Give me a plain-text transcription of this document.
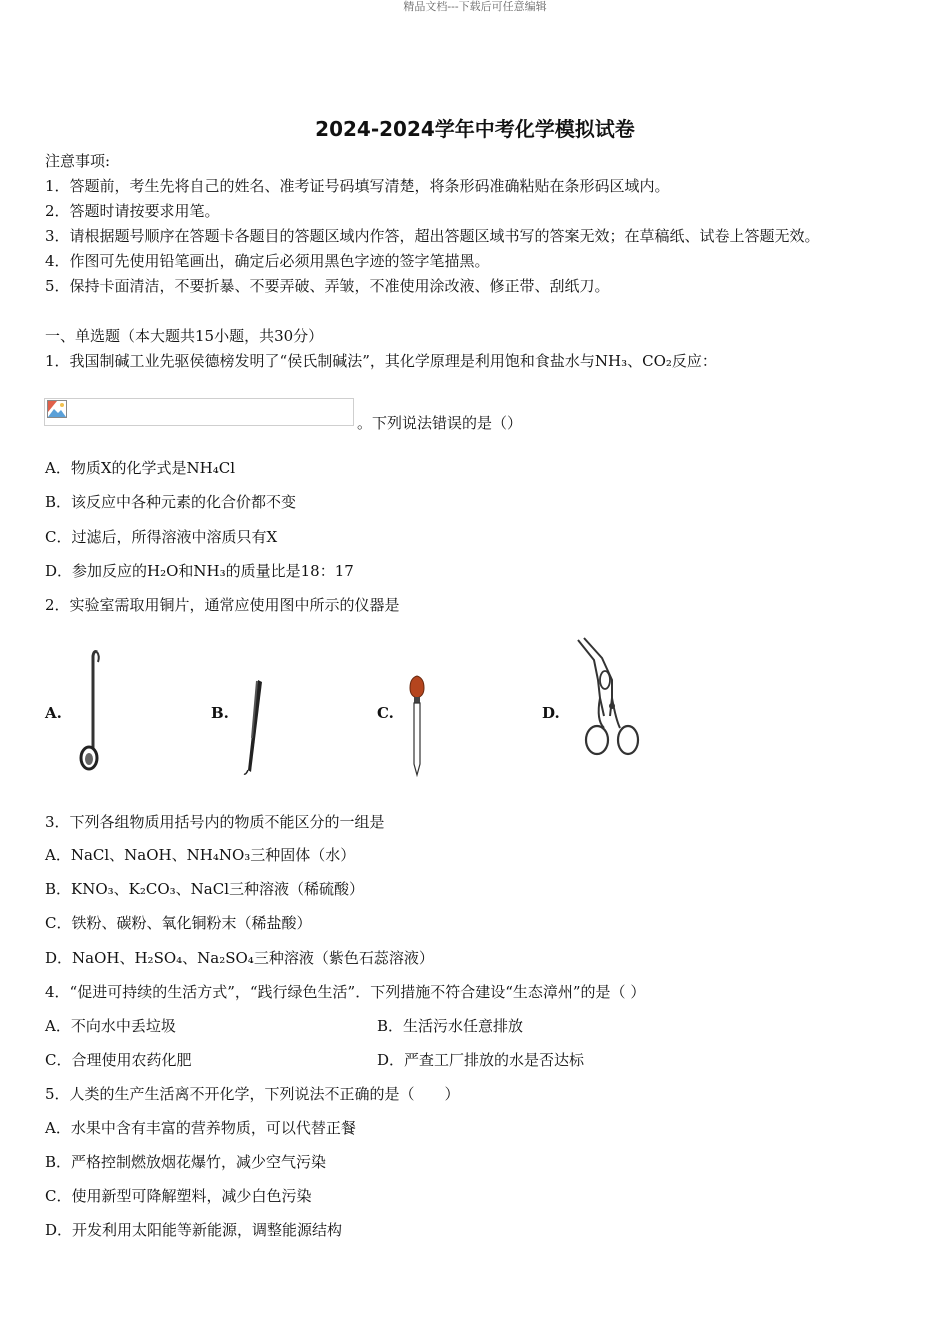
精品文档---下载后可任意编辑
2024-2024学年中考化学模拟试卷
注意事项:
1．答题前，考生先将自己的姓名、准考证号码填写清楚，将条形码准确粘贴在条形码区域内。
2．答题时请按要求用笔。
3．请根据题号顺序在答题卡各题目的答题区域内作答，超出答题区域书写的答案无效；在草稿纸、试卷上答题无效。
4．作图可先使用铅笔画出，确定后必须用黑色字迹的签字笔描黑。
5．保持卡面清洁，不要折暴、不要弄破、弄皱，不准使用涂改液、修正带、刮纸刀。
一、单选题（本大题共15小题，共30分）
1．我国制碱工业先驱侯德榜发明了“侯氏制碱法”，其化学原理是利用饱和食盐水与NH₃、CO₂反应：
。下列说法错误的是（）
A．物质X的化学式是NH₄Cl
B．该反应中各种元素的化合价都不变
C．过滤后，所得溶液中溶质只有X
D．参加反应的H₂O和NH₃的质量比是18：17
2．实验室需取用铜片，通常应使用图中所示的仪器是
A.	B.	C.	D.
3．下列各组物质用括号内的物质不能区分的一组是
A．NaCl、NaOH、NH₄NO₃三种固体（水）
B．KNO₃、K₂CO₃、NaCl三种溶液（稀硫酸）
C．铁粉、碳粉、氧化铜粉末（稀盐酸）
D．NaOH、H₂SO₄、Na₂SO₄三种溶液（紫色石蕊溶液）
4．“促进可持续的生活方式”，“践行绿色生活”．下列措施不符合建设“生态漳州”的是（ ）
A．不向水中丢垃圾	B．生活污水任意排放
C．合理使用农药化肥	D．严查工厂排放的水是否达标
5．人类的生产生活离不开化学，下列说法不正确的是（　　）
A．水果中含有丰富的营养物质，可以代替正餐
B．严格控制燃放烟花爆竹，减少空气污染
C．使用新型可降解塑料，减少白色污染
D．开发利用太阳能等新能源，调整能源结构
